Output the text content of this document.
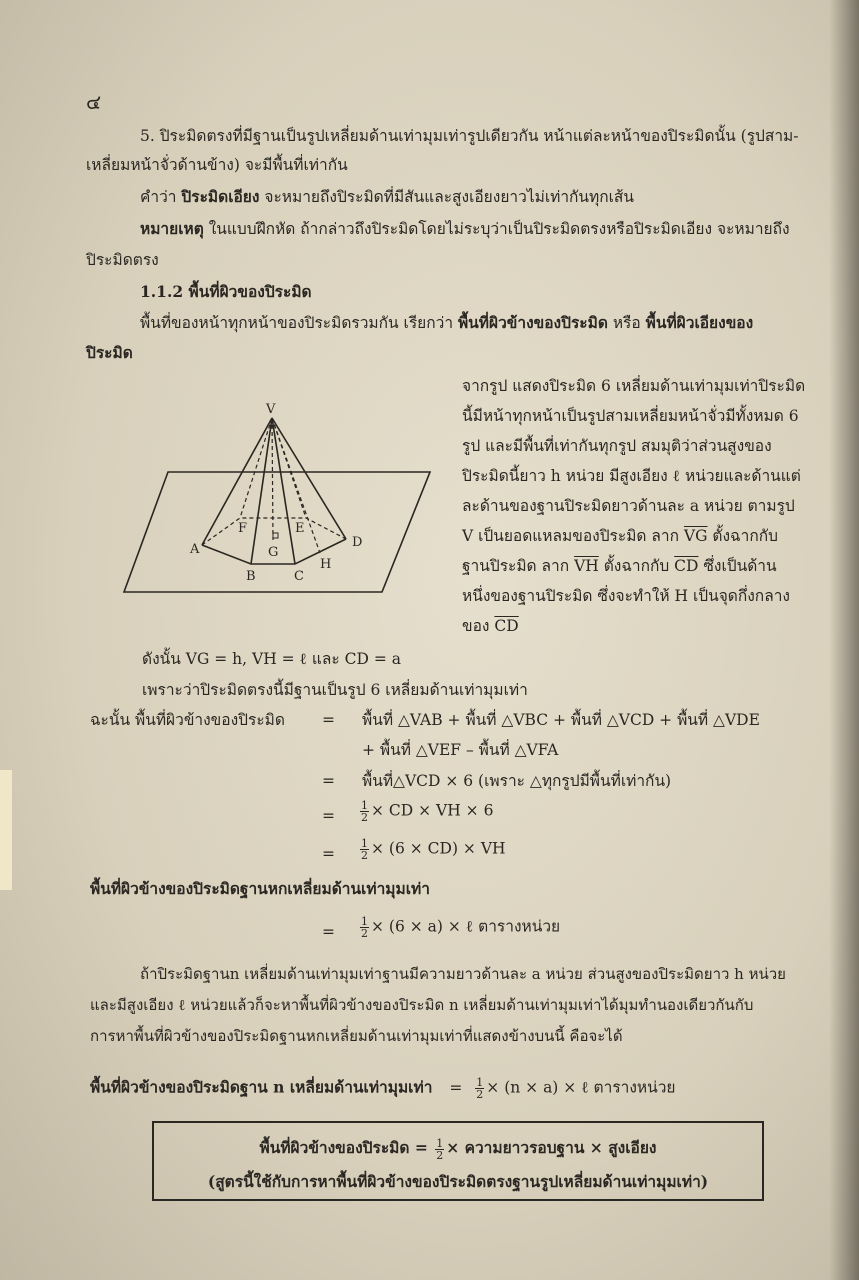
๔
5. ปิระมิดตรงที่มีฐานเป็นรูปเหลี่ยมด้านเท่ามุมเท่ารูปเดียวกัน หน้าแต่ละหน้าของปิระมิดนั้น (รูปสาม-
เหลี่ยมหน้าจั่วด้านข้าง) จะมีพื้นที่เท่ากัน
คำว่า ปิระมิดเอียง จะหมายถึงปิระมิดที่มีสันและสูงเอียงยาวไม่เท่ากันทุกเส้น
หมายเหตุ ในแบบฝึกหัด ถ้ากล่าวถึงปิระมิดโดยไม่ระบุว่าเป็นปิระมิดตรงหรือปิระมิดเอียง จะหมายถึง
ปิระมิดตรง
1.1.2 พื้นที่ผิวของปิระมิด
พื้นที่ของหน้าทุกหน้าของปิระมิดรวมกัน เรียกว่า พื้นที่ผิวข้างของปิระมิด หรือ พื้นที่ผิวเอียงของ
ปิระมิด
จากรูป แสดงปิระมิด 6 เหลี่ยมด้านเท่ามุมเท่าปิระมิด
นี้มีหน้าทุกหน้าเป็นรูปสามเหลี่ยมหน้าจั่วมีทั้งหมด 6
รูป และมีพื้นที่เท่ากันทุกรูป สมมุติว่าส่วนสูงของ
ปิระมิดนี้ยาว h หน่วย มีสูงเอียง ℓ หน่วยและด้านแต่
ละด้านของฐานปิระมิดยาวด้านละ a หน่วย ตามรูป
V เป็นยอดแหลมของปิระมิด ลาก $\overline{VG}$ ตั้งฉากกับ
ฐานปิระมิด ลาก $\overline{VH}$ ตั้งฉากกับ $\overline{CD}$ ซึ่งเป็นด้าน
หนึ่งของฐานปิระมิด ซึ่งจะทำให้ H เป็นจุดกึ่งกลาง
ของ $\overline{CD}$
V
A
B	C
D
E
F
G
H
ดังนั้น VG = h, VH = ℓ และ CD = a
เพราะว่าปิระมิดตรงนี้มีฐานเป็นรูป 6 เหลี่ยมด้านเท่ามุมเท่า
ฉะนั้น พื้นที่ผิวข้างของปิระมิด = พื้นที่ △VAB + พื้นที่ △VBC + พื้นที่ △VCD + พื้นที่ △VDE
+ พื้นที่ △VEF – พื้นที่ △VFA
= พื้นที่△VCD × 6 (เพราะ △ทุกรูปมีพื้นที่เท่ากัน)
= $\frac{1}{2}$ × CD × VH × 6
= $\frac{1}{2} \times (6 \times CD)$ × VH
พื้นที่ผิวข้างของปิระมิดฐานหกเหลี่ยมด้านเท่ามุมเท่า
= $\frac{1}{2} \times (6 \times a)$ × ℓ ตารางหน่วย
ถ้าปิระมิดฐานn เหลี่ยมด้านเท่ามุมเท่าฐานมีความยาวด้านละ a หน่วย ส่วนสูงของปิระมิดยาว h หน่วย
และมีสูงเอียง ℓ หน่วยแล้วก็จะหาพื้นที่ผิวข้างของปิระมิด n เหลี่ยมด้านเท่ามุมเท่าได้มุมทำนองเดียวกันกับ
การหาพื้นที่ผิวข้างของปิระมิดฐานหกเหลี่ยมด้านเท่ามุมเท่าที่แสดงข้างบนนี้ คือจะได้
พื้นที่ผิวข้างของปิระมิดฐาน n เหลี่ยมด้านเท่ามุมเท่า = $\frac{1}{2} \times (n \times a)$ × ℓ ตารางหน่วย
พื้นที่ผิวข้างของปิระมิด = $\frac{1}{2}$ × ความยาวรอบฐาน × สูงเอียง
(สูตรนี้ใช้กับการหาพื้นที่ผิวข้างของปิระมิดตรงฐานรูปเหลี่ยมด้านเท่ามุมเท่า)
